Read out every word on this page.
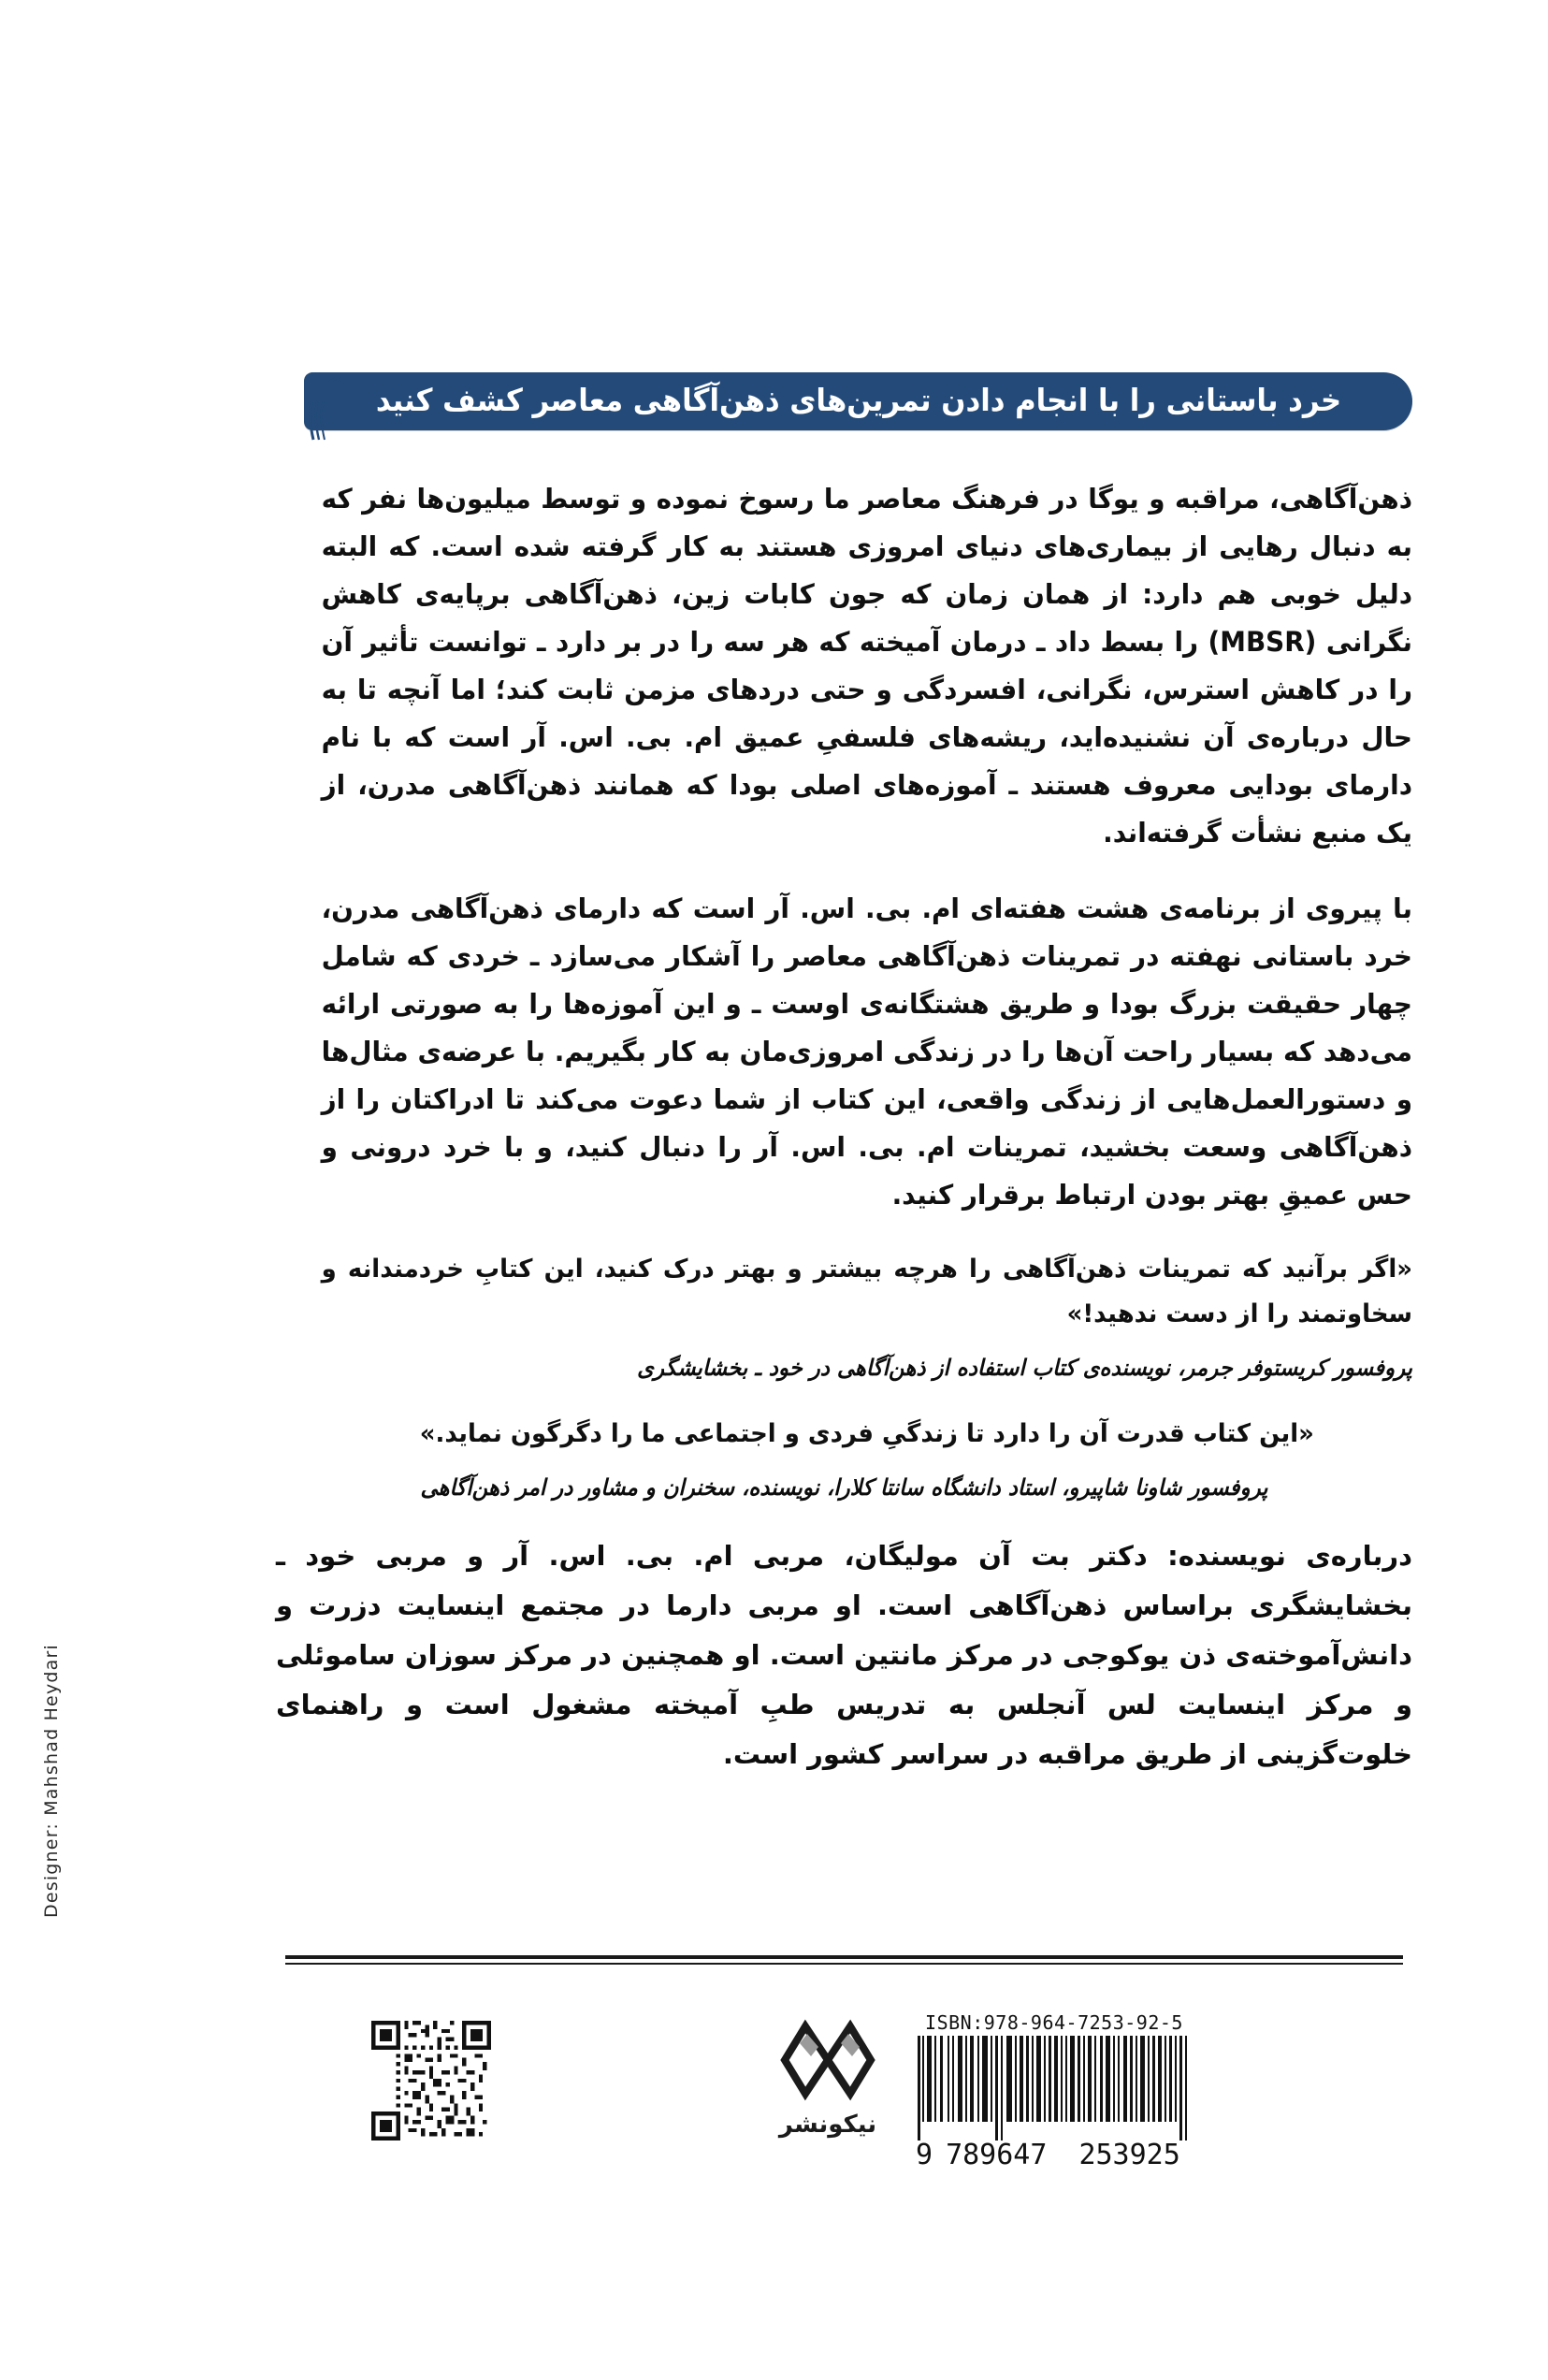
Designer: Mahshad Heydari
خرد باستانی را با انجام دادن تمرین‌های ذهن‌آگاهی معاصر کشف کنید

ذهن‌آگاهی، مراقبه و یوگا در فرهنگ معاصر ما رسوخ نموده و توسط میلیون‌ها نفر که به دنبال رهایی از بیماری‌های دنیای امروزی هستند به کار گرفته شده است. که البته دلیل خوبی هم دارد: از همان زمان که جون کابات زین، ذهن‌آگاهی برپایه‌ی کاهش نگرانی (MBSR) را بسط داد ـ درمان آمیخته که هر سه را در بر دارد ـ توانست تأثیر آن را در کاهش استرس، نگرانی، افسردگی و حتی دردهای مزمن ثابت کند؛ اما آنچه تا به حال درباره‌ی آن نشنیده‌اید، ریشه‌های فلسفیِ عمیق ام. بی. اس. آر است که با نام دارمای بودایی معروف هستند ـ آموزه‌های اصلی بودا که همانند ذهن‌آگاهی مدرن، از یک منبع نشأت گرفته‌اند.

با پیروی از برنامه‌ی هشت هفته‌ای ام. بی. اس. آر است که دارمای ذهن‌آگاهی مدرن، خرد باستانی نهفته در تمرینات ذهن‌آگاهی معاصر را آشکار می‌سازد ـ خردی که شامل چهار حقیقت بزرگ بودا و طریق هشتگانه‌ی اوست ـ و این آموزه‌ها را به صورتی ارائه می‌دهد که بسیار راحت آن‌ها را در زندگی امروزی‌مان به کار بگیریم. با عرضه‌ی مثال‌ها و دستورالعمل‌هایی از زندگی واقعی، این کتاب از شما دعوت می‌کند تا ادراکتان را از ذهن‌آگاهی وسعت بخشید، تمرینات ام. بی. اس. آر را دنبال کنید، و با خرد درونی و حس عمیقِ بهتر بودن ارتباط برقرار کنید.

«اگر برآنید که تمرینات ذهن‌آگاهی را هرچه بیشتر و بهتر درک کنید، این کتابِ خردمندانه و سخاوتمند را از دست ندهید!»

پروفسور کریستوفر جرمر، نویسنده‌ی کتاب استفاده از ذهن‌آگاهی در خود ـ بخشایشگری

«این کتاب قدرت آن را دارد تا زندگیِ فردی و اجتماعی ما را دگرگون نماید.»

پروفسور شاونا شاپیرو، استاد دانشگاه سانتا کلارا، نویسنده، سخنران و مشاور در امر ذهن‌آگاهی

درباره‌ی نویسنده: دکتر بت آن مولیگان، مربی ام. بی. اس. آر و مربی خود ـ بخشایشگری براساس ذهن‌آگاهی است. او مربی دارما در مجتمع اینسایت دزرت و دانش‌آموخته‌ی ذن یوکوجی در مرکز مانتین است. او همچنین در مرکز سوزان ساموئلی و مرکز اینسایت لس آنجلس به تدریس طبِ آمیخته مشغول است و راهنمای خلوت‌گزینی از طریق مراقبه در سراسر کشور است.

نیکونشر
ISBN:978-964-7253-92-5
9 789647 253925
